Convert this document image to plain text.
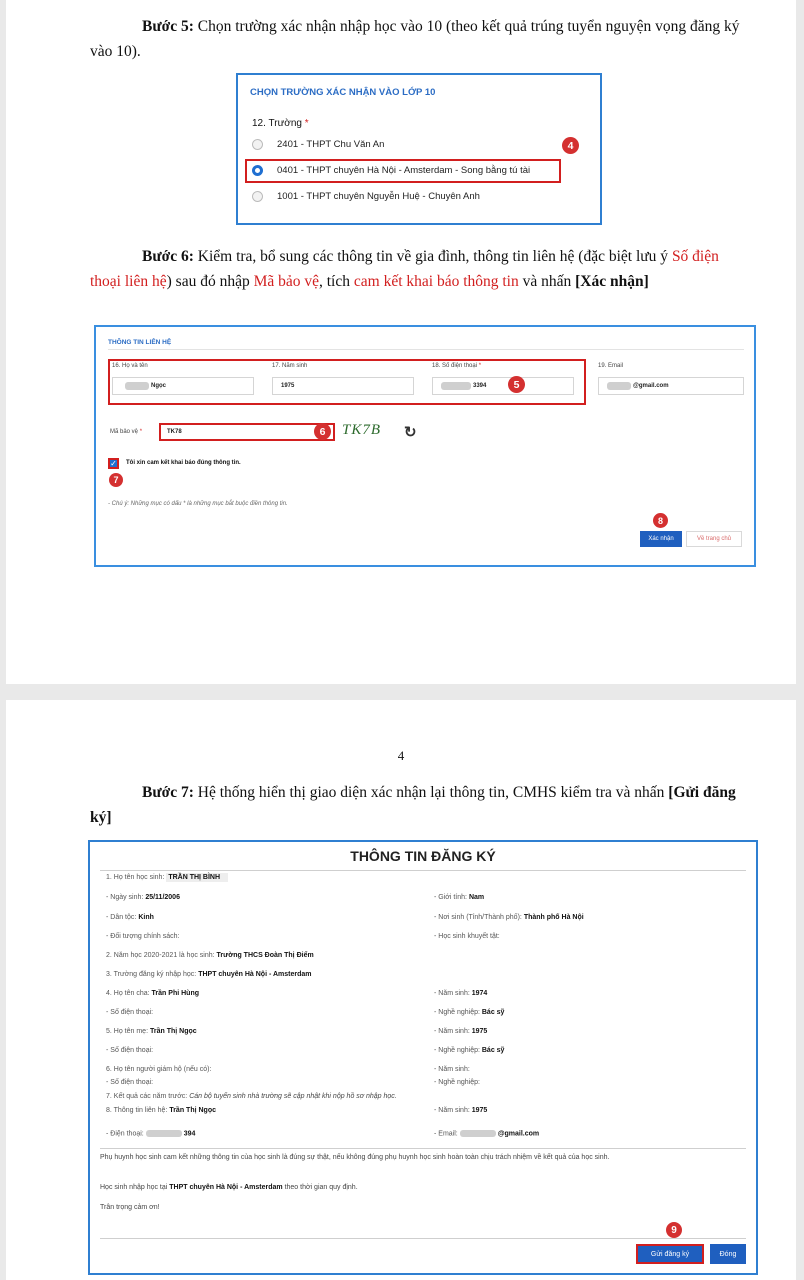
Bước 5: Chọn trường xác nhận nhập học vào 10 (theo kết quả trúng tuyển nguyện vọng đăng ký vào 10).
CHỌN TRƯỜNG XÁC NHẬN VÀO LỚP 10
12. Trường *
2401 - THPT Chu Văn An
0401 - THPT chuyên Hà Nội - Amsterdam - Song bằng tú tài
1001 - THPT chuyên Nguyễn Huệ - Chuyên Anh
4
Bước 6: Kiểm tra, bổ sung các thông tin về gia đình, thông tin liên hệ (đặc biệt lưu ý Số điện thoại liên hệ) sau đó nhập Mã bảo vệ, tích cam kết khai báo thông tin và nhấn [Xác nhận]
THÔNG TIN LIÊN HỆ
16. Họ và tên
Ngọc
17. Năm sinh
1975
18. Số điện thoại *
3394	5
19. Email
@gmail.com
Mã bảo vệ *	TK78	6	TK7B ↻
✓	Tôi xin cam kết khai báo đúng thông tin.
7
- Chú ý: Những mục có dấu * là những mục bắt buộc điền thông tin.
8
Xác nhận	Về trang chủ
4
Bước 7: Hệ thống hiển thị giao diện xác nhận lại thông tin, CMHS kiểm tra và nhấn [Gửi đăng ký]
THÔNG TIN ĐĂNG KÝ
1. Họ tên học sinh: TRẦN THỊ BÌNH
- Ngày sinh: 25/11/2006	- Giới tính: Nam
- Dân tộc: Kinh	- Nơi sinh (Tỉnh/Thành phố): Thành phố Hà Nội
- Đối tượng chính sách:	- Học sinh khuyết tật:
2. Năm học 2020-2021 là học sinh: Trường THCS Đoàn Thị Điểm
3. Trường đăng ký nhập học: THPT chuyên Hà Nội - Amsterdam
4. Họ tên cha: Trần Phi Hùng	- Năm sinh: 1974
- Số điện thoại:	- Nghề nghiệp: Bác sỹ
5. Họ tên mẹ: Trần Thị Ngọc	- Năm sinh: 1975
- Số điện thoại:	- Nghề nghiệp: Bác sỹ
6. Họ tên người giám hộ (nếu có):	- Năm sinh:
- Số điện thoại:	- Nghề nghiệp:
7. Kết quả các năm trước: Cán bộ tuyển sinh nhà trường sẽ cập nhật khi nộp hồ sơ nhập học.
8. Thông tin liên hệ: Trần Thị Ngọc	- Năm sinh: 1975
- Điện thoại:	394	- Email:	@gmail.com
Phụ huynh học sinh cam kết những thông tin của học sinh là đúng sự thật, nếu không đúng phụ huynh học sinh hoàn toàn chịu trách nhiệm về kết quả của học sinh.
Học sinh nhập học tại THPT chuyên Hà Nội - Amsterdam theo thời gian quy định.
Trân trọng cảm ơn!
9
Gửi đăng ký	Đóng
